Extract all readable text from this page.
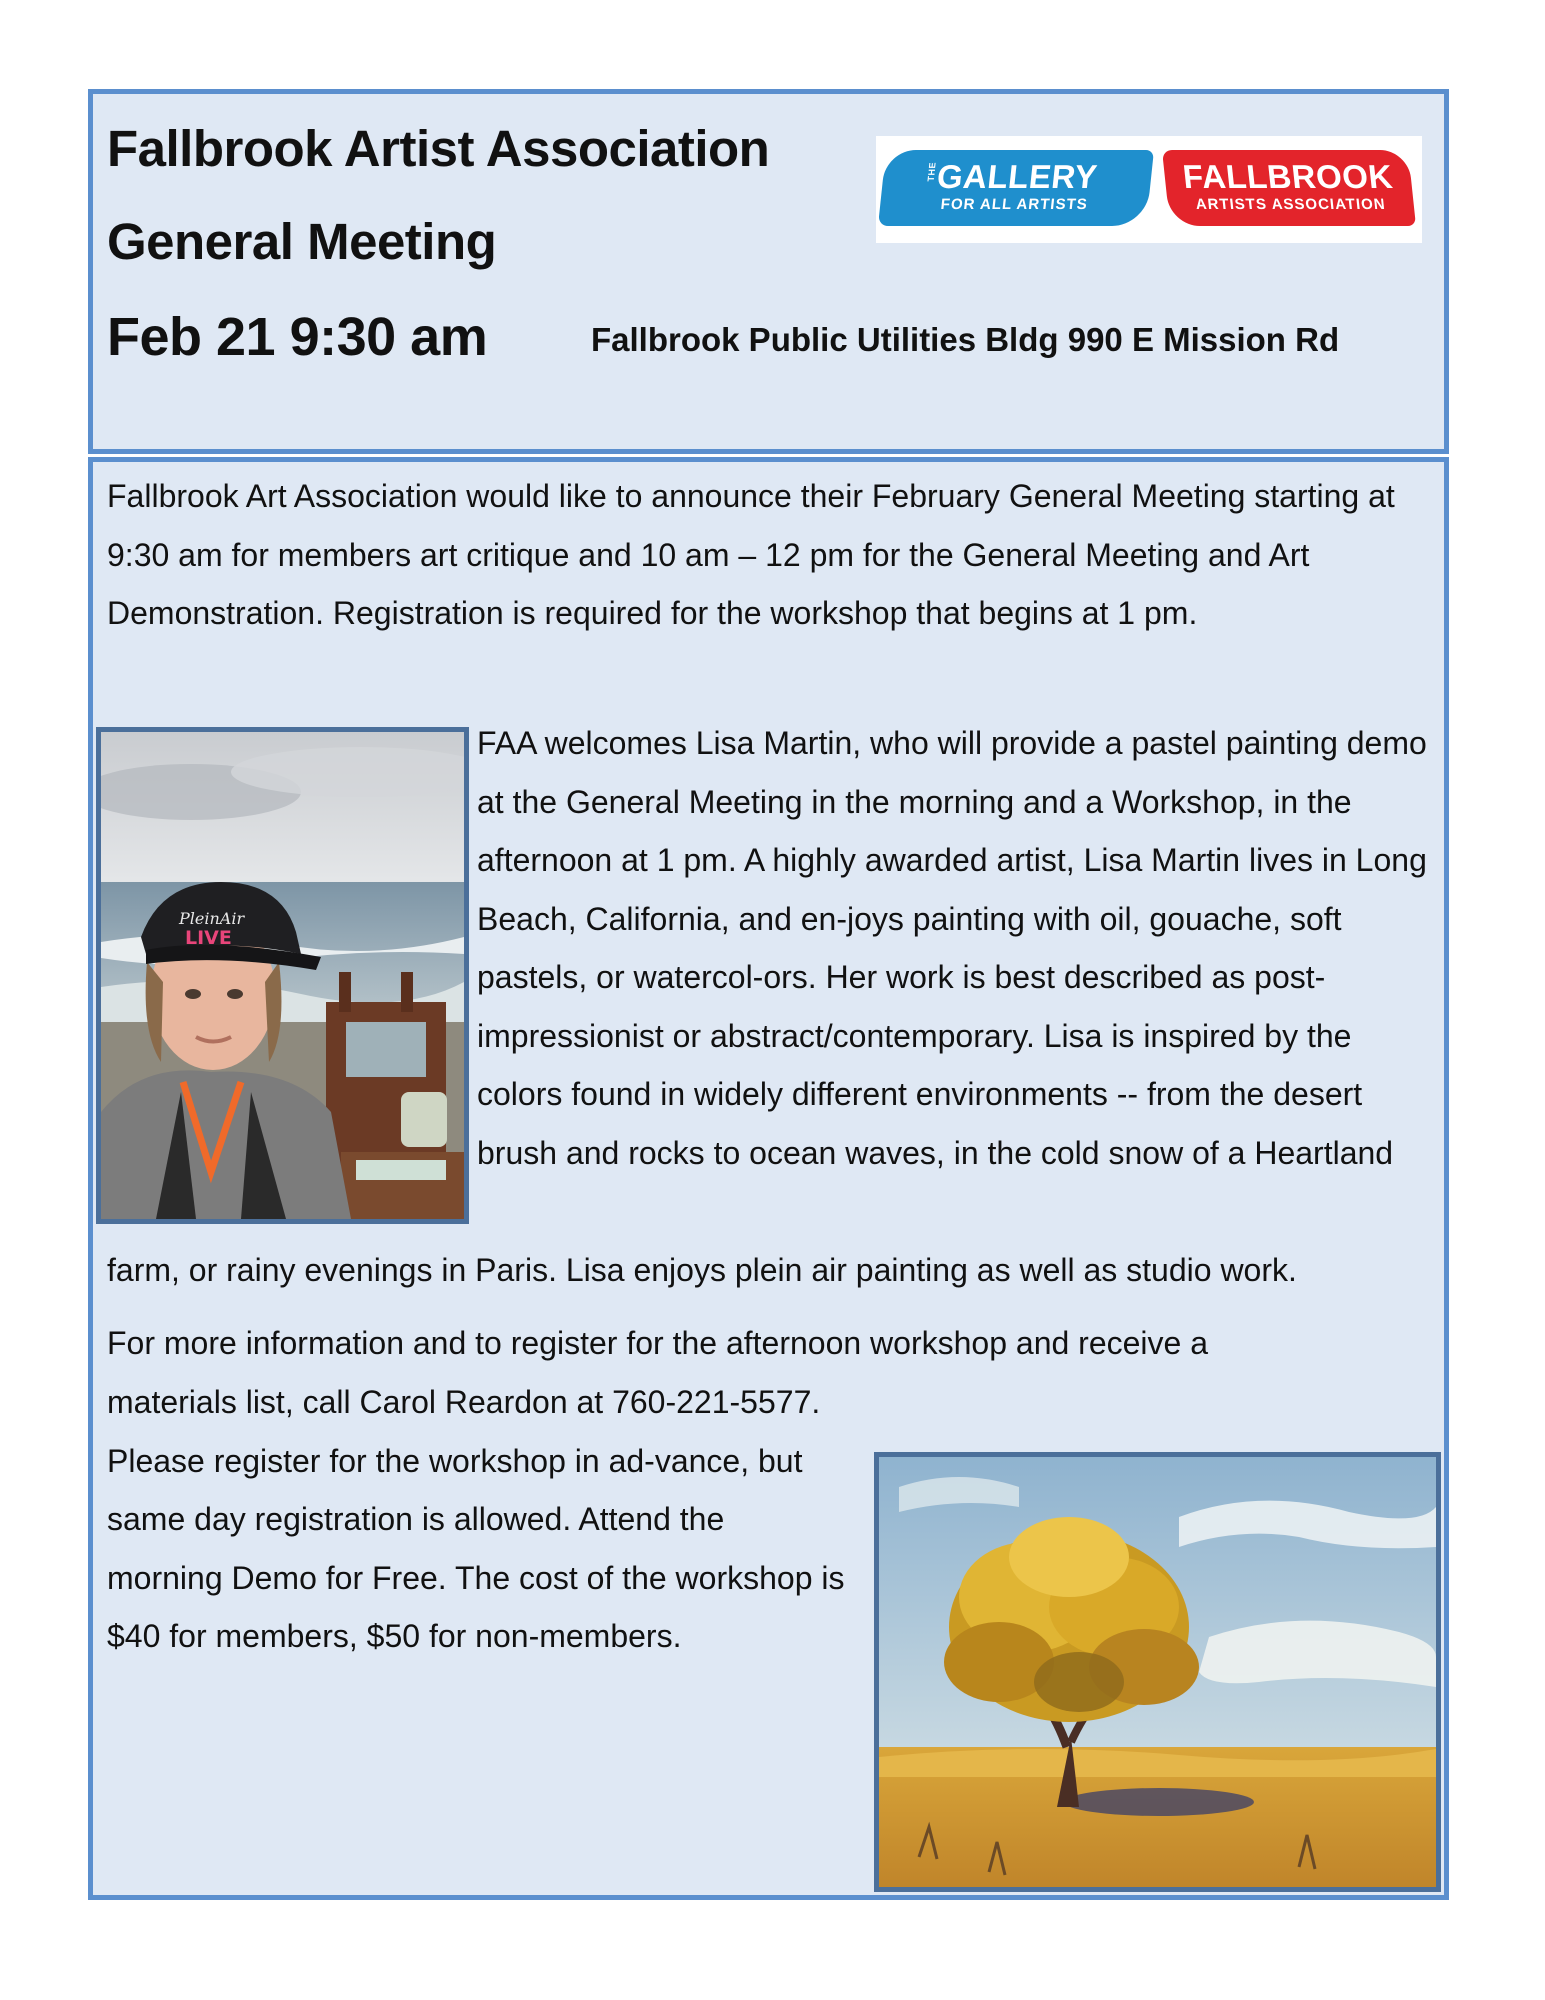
Fallbrook Artist Association
General Meeting
Feb 21 9:30 am	Fallbrook Public Utilities Bldg 990 E Mission Rd
THE
GALLERY
FOR ALL ARTISTS
FALLBROOK
ARTISTS ASSOCIATION

Fallbrook Art Association would like to announce their February General Meeting starting at 9:30 am for members art critique and 10 am – 12 pm for the General Meeting and Art Demonstration. Registration is required for the workshop that begins at 1 pm.

PleinAir
LIVE

FAA welcomes Lisa Martin, who will provide a pastel painting demo at the General Meeting in the morning and a Workshop, in the afternoon at 1 pm. A highly awarded artist, Lisa Martin lives in Long Beach, California, and en-joys painting with oil, gouache, soft pastels, or watercol-ors. Her work is best described as post-impressionist or abstract/contemporary. Lisa is inspired by the colors found in widely different environments -- from the desert brush and rocks to ocean waves, in the cold snow of a Heartland

farm, or rainy evenings in Paris. Lisa enjoys plein air painting as well as studio work.

For more information and to register for the afternoon workshop and receive a

materials list, call Carol Reardon at 760-221-5577. Please register for the workshop in ad-vance, but same day registration is allowed. Attend the morning Demo for Free. The cost of the workshop is $40 for members, $50 for non-members.
